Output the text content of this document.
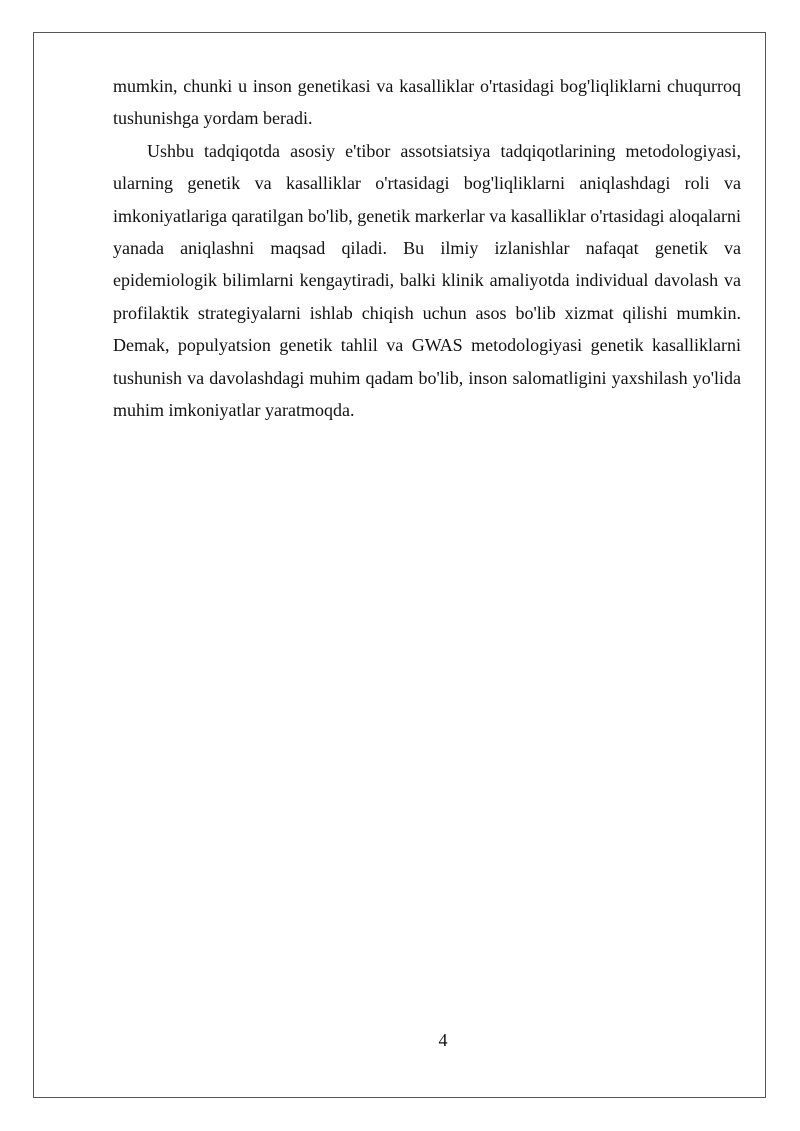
mumkin, chunki u inson genetikasi va kasalliklar o'rtasidagi bog'liqliklarni chuqurroq tushunishga yordam beradi.

Ushbu tadqiqotda asosiy e'tibor assotsiatsiya tadqiqotlarining metodologiyasi, ularning genetik va kasalliklar o'rtasidagi bog'liqliklarni aniqlashdagi roli va imkoniyatlariga qaratilgan bo'lib, genetik markerlar va kasalliklar o'rtasidagi aloqalarni yanada aniqlashni maqsad qiladi. Bu ilmiy izlanishlar nafaqat genetik va epidemiologik bilimlarni kengaytiradi, balki klinik amaliyotda individual davolash va profilaktik strategiyalarni ishlab chiqish uchun asos bo'lib xizmat qilishi mumkin. Demak, populyatsion genetik tahlil va GWAS metodologiyasi genetik kasalliklarni tushunish va davolashdagi muhim qadam bo'lib, inson salomatligini yaxshilash yo'lida muhim imkoniyatlar yaratmoqda.

4
